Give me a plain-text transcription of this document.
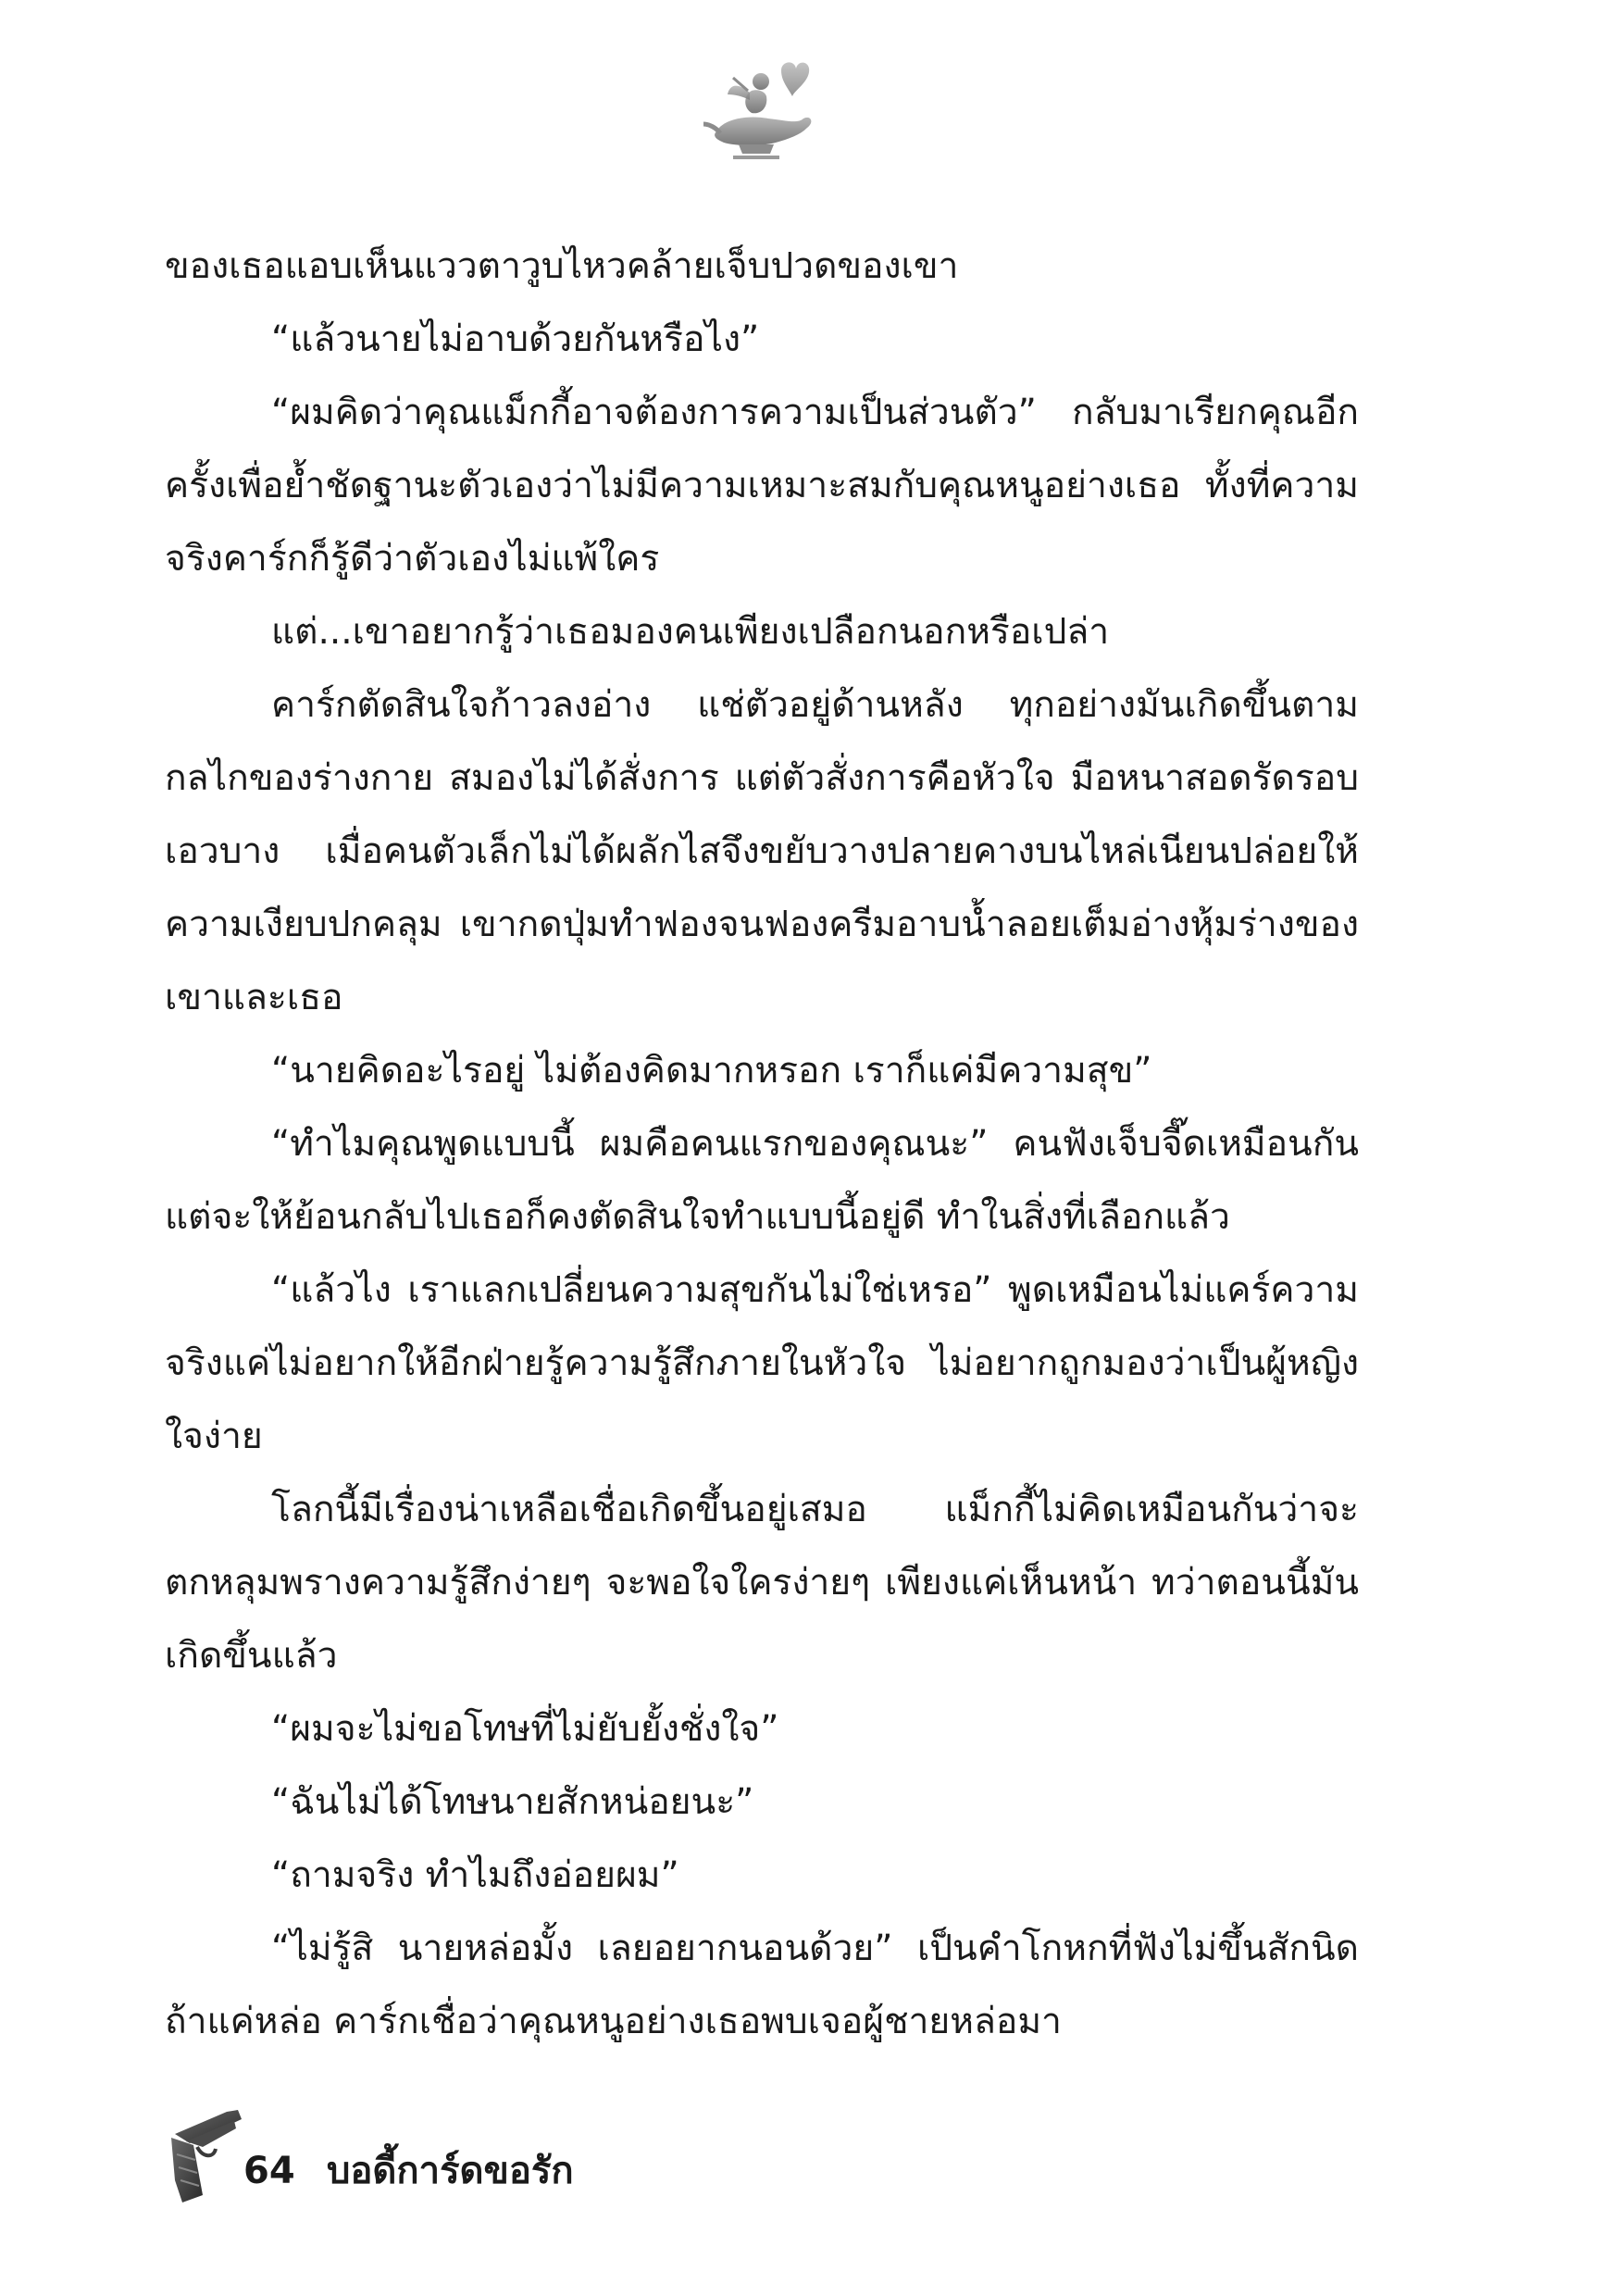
ของเธอแอบเห็นแววตาวูบไหวคล้ายเจ็บปวดของเขา

“แล้วนายไม่อาบด้วยกันหรือไง”

“ผมคิดว่าคุณแม็กกี้อาจต้องการความเป็นส่วนตัว” กลับมาเรียกคุณอีกครั้งเพื่อย้ำชัดฐานะตัวเองว่าไม่มีความเหมาะสมกับคุณหนูอย่างเธอ ทั้งที่ความจริงคาร์กก็รู้ดีว่าตัวเองไม่แพ้ใคร

แต่...เขาอยากรู้ว่าเธอมองคนเพียงเปลือกนอกหรือเปล่า

คาร์กตัดสินใจก้าวลงอ่าง แช่ตัวอยู่ด้านหลัง ทุกอย่างมันเกิดขึ้นตามกลไกของร่างกาย สมองไม่ได้สั่งการ แต่ตัวสั่งการคือหัวใจ มือหนาสอดรัดรอบเอวบาง เมื่อคนตัวเล็กไม่ได้ผลักไสจึงขยับวางปลายคางบนไหล่เนียนปล่อยให้ความเงียบปกคลุม เขากดปุ่มทำฟองจนฟองครีมอาบน้ำลอยเต็มอ่างหุ้มร่างของเขาและเธอ

“นายคิดอะไรอยู่ ไม่ต้องคิดมากหรอก เราก็แค่มีความสุข”

“ทำไมคุณพูดแบบนี้ ผมคือคนแรกของคุณนะ” คนฟังเจ็บจี๊ดเหมือนกัน แต่จะให้ย้อนกลับไปเธอก็คงตัดสินใจทำแบบนี้อยู่ดี ทำในสิ่งที่เลือกแล้ว

“แล้วไง เราแลกเปลี่ยนความสุขกันไม่ใช่เหรอ” พูดเหมือนไม่แคร์ความจริงแค่ไม่อยากให้อีกฝ่ายรู้ความรู้สึกภายในหัวใจ ไม่อยากถูกมองว่าเป็นผู้หญิงใจง่าย

โลกนี้มีเรื่องน่าเหลือเชื่อเกิดขึ้นอยู่เสมอ แม็กกี้ไม่คิดเหมือนกันว่าจะตกหลุมพรางความรู้สึกง่ายๆ จะพอใจใครง่ายๆ เพียงแค่เห็นหน้า ทว่าตอนนี้มันเกิดขึ้นแล้ว

“ผมจะไม่ขอโทษที่ไม่ยับยั้งชั่งใจ”

“ฉันไม่ได้โทษนายสักหน่อยนะ”

“ถามจริง ทำไมถึงอ่อยผม”

“ไม่รู้สิ นายหล่อมั้ง เลยอยากนอนด้วย” เป็นคำโกหกที่ฟังไม่ขึ้นสักนิด ถ้าแค่หล่อ คาร์กเชื่อว่าคุณหนูอย่างเธอพบเจอผู้ชายหล่อมา

64 บอดี้การ์ดขอรัก
